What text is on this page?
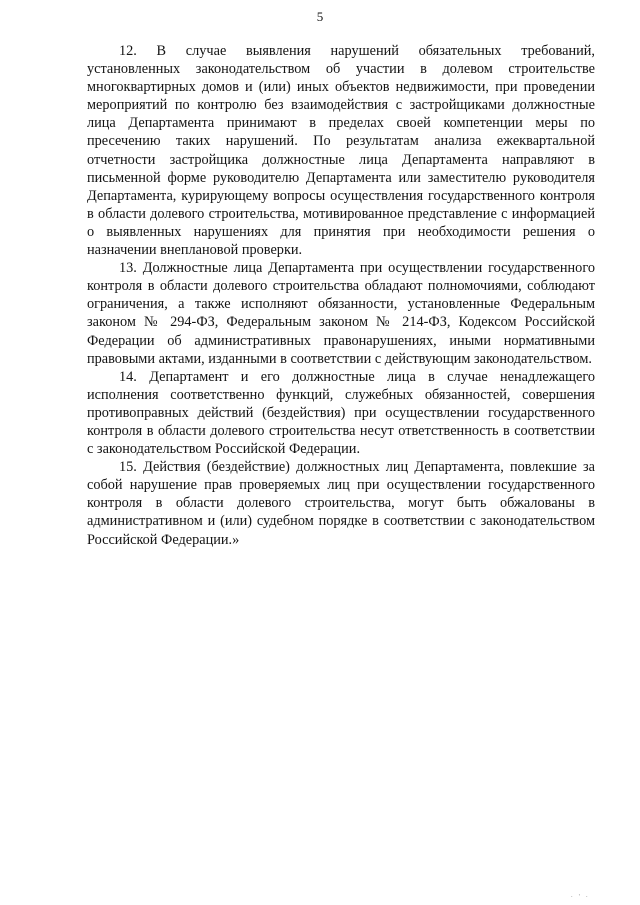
5

12. В случае выявления нарушений обязательных требований, установленных законодательством об участии в долевом строительстве многоквартирных домов и (или) иных объектов недвижимости, при проведении мероприятий по контролю без взаимодействия с застройщиками должностные лица Департамента принимают в пределах своей компетенции меры по пресечению таких нарушений. По результатам анализа ежеквартальной отчетности застройщика должностные лица Департамента направляют в письменной форме руководителю Департамента или заместителю руководителя Департамента, курирующему вопросы осуществления государственного контроля в области долевого строительства, мотивированное представление с информацией о выявленных нарушениях для принятия при необходимости решения о назначении внеплановой проверки.

13. Должностные лица Департамента при осуществлении государственного контроля в области долевого строительства обладают полномочиями, соблюдают ограничения, а также исполняют обязанности, установленные Федеральным законом № 294-ФЗ, Федеральным законом № 214-ФЗ, Кодексом Российской Федерации об административных правонарушениях, иными нормативными правовыми актами, изданными в соответствии с действующим законодательством.

14. Департамент и его должностные лица в случае ненадлежащего исполнения соответственно функций, служебных обязанностей, совершения противоправных действий (бездействия) при осуществлении государственного контроля в области долевого строительства несут ответственность в соответствии с законодательством Российской Федерации.

15. Действия (бездействие) должностных лиц Департамента, повлекшие за собой нарушение прав проверяемых лиц при осуществлении государственного контроля в области долевого строительства, могут быть обжалованы в административном и (или) судебном порядке в соответствии с законодательством Российской Федерации.»

· ' ·
